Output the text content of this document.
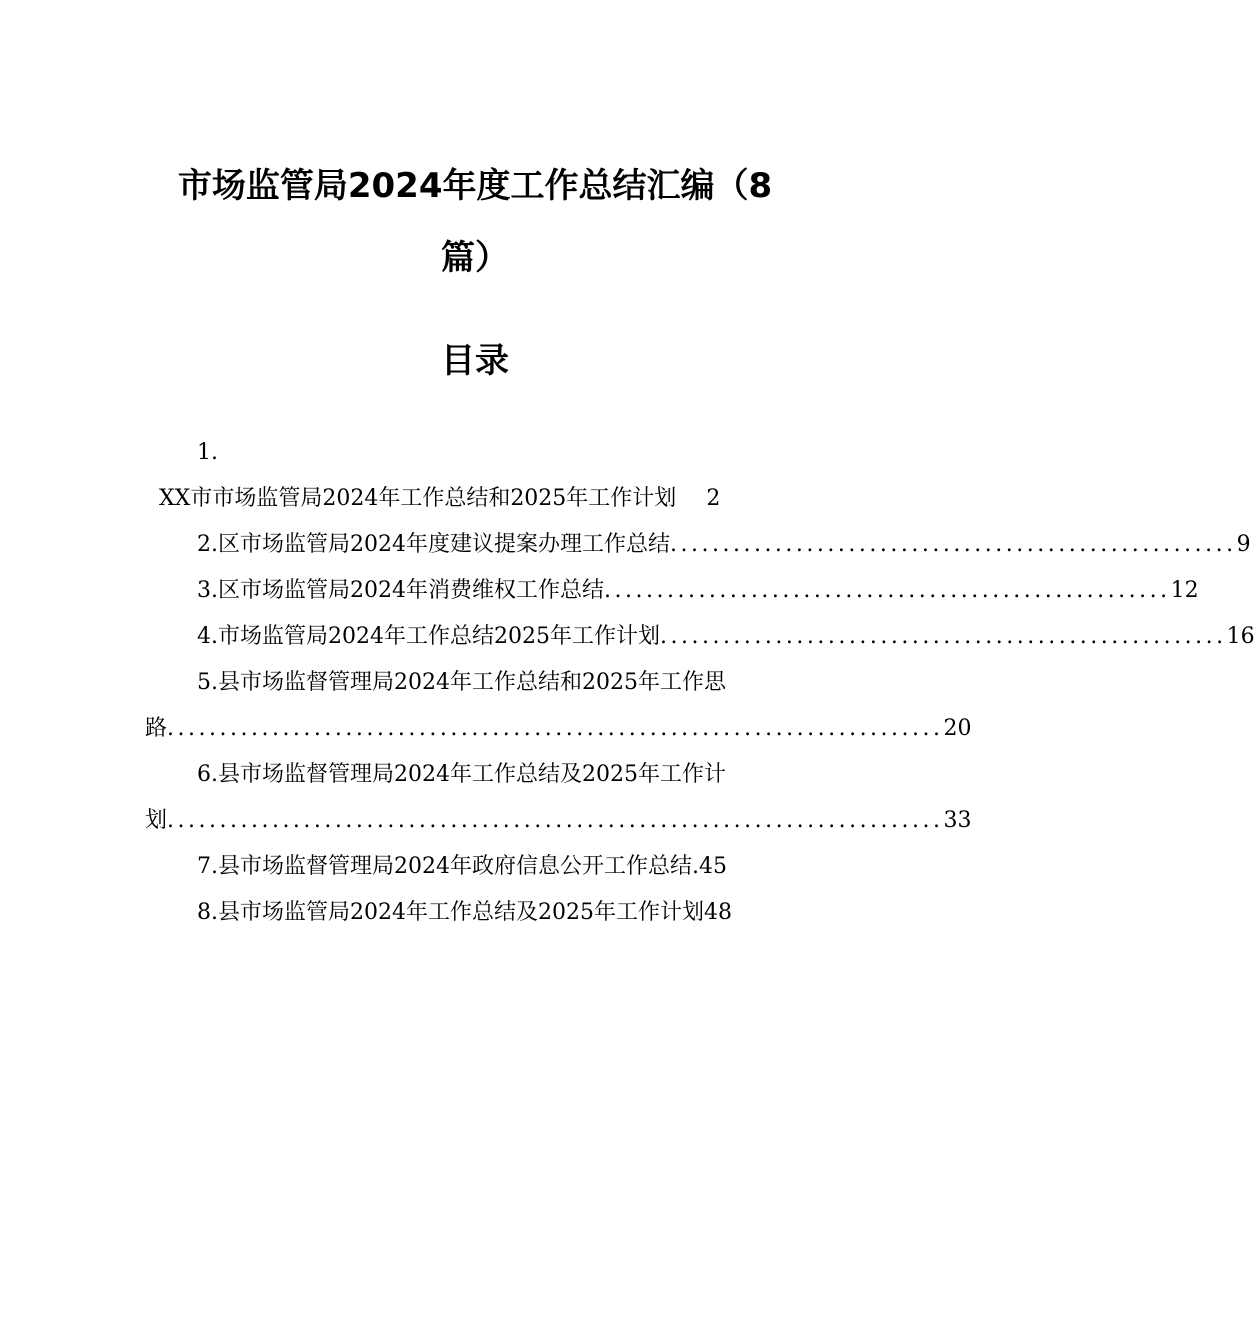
市场监管局2024年度工作总结汇编（8
篇）
目录
1.
XX市市场监管局2024年工作总结和2025年工作计划 2
2. 区市场监管局2024年度建议提案办理工作总结 ...................................................... 9
3. 区市场监管局2024年消费维权工作总结 ...................................................... 12
4. 市场监管局2024年工作总结2025年工作计划 ...................................................... 16
5.县市场监督管理局2024年工作总结和2025年工作思
路 .......................................................................... 20
6.县市场监督管理局2024年工作总结及2025年工作计
划 .......................................................................... 33
7.县市场监督管理局2024年政府信息公开工作总结.45
8.县市场监管局2024年工作总结及2025年工作计划48
